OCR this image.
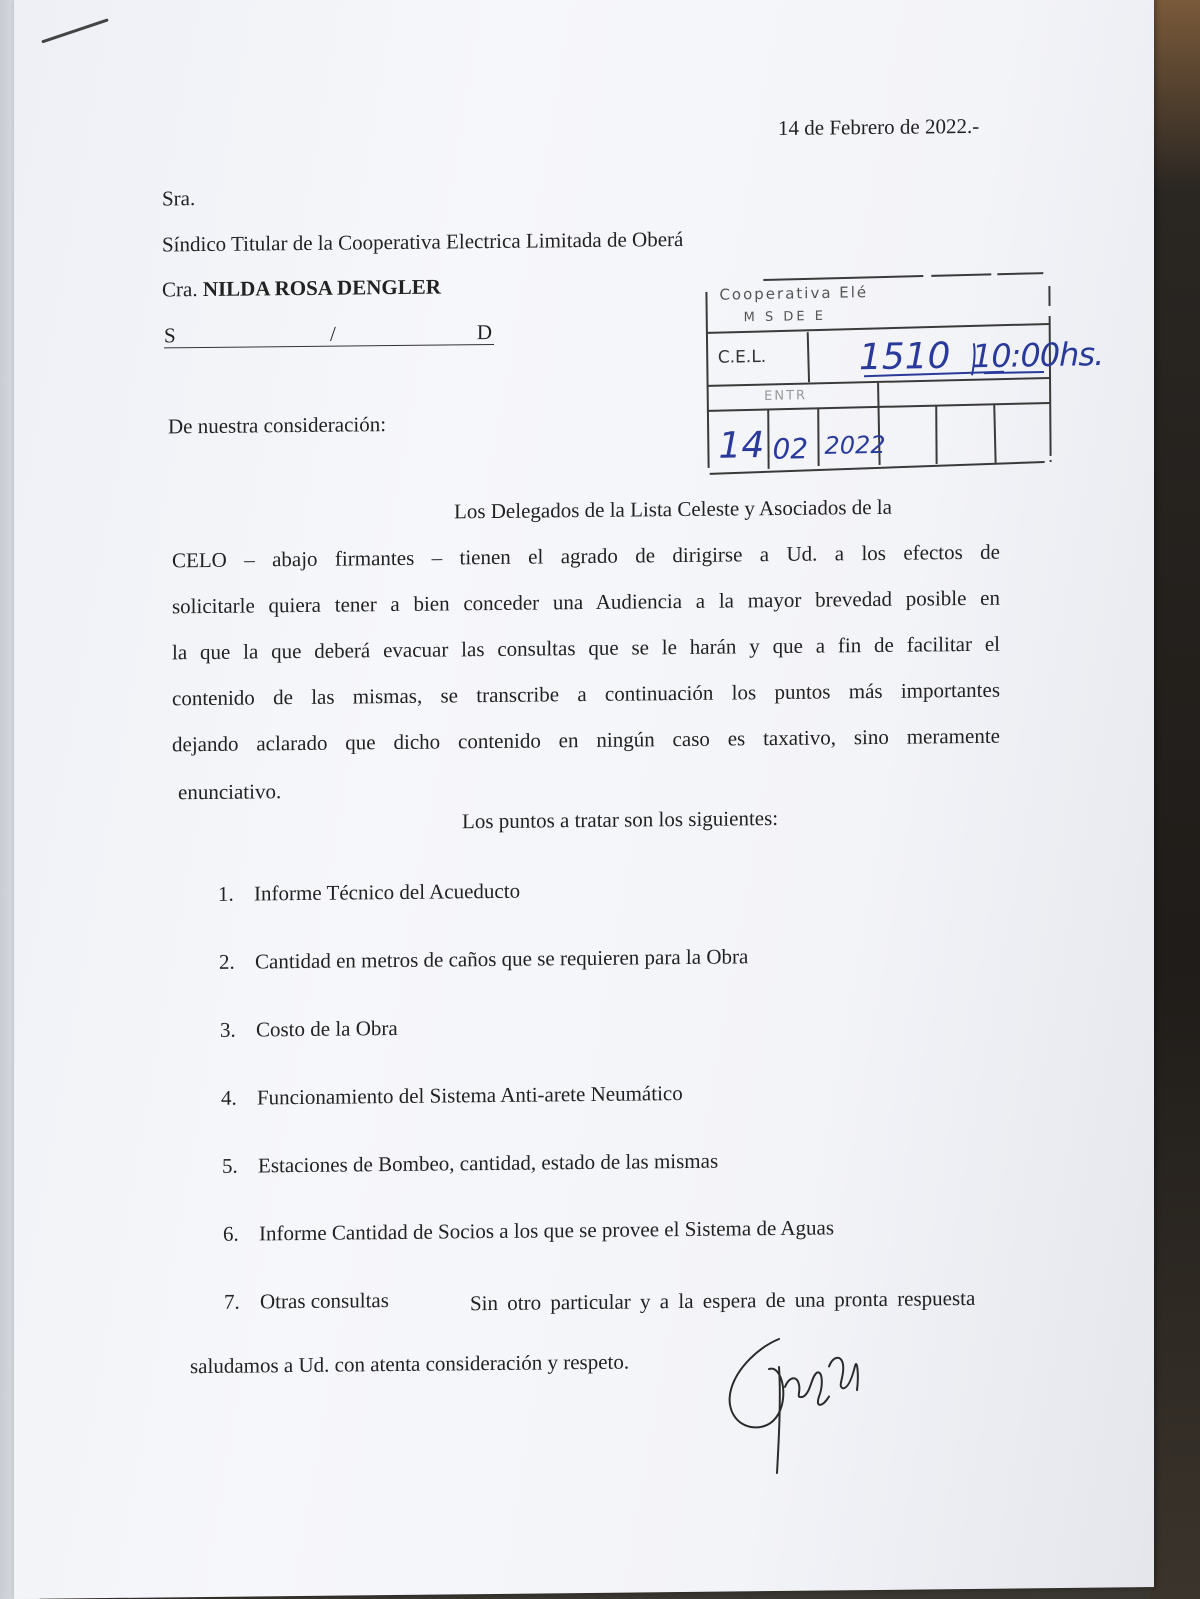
14 de Febrero de 2022.-
Sra.
Síndico Titular de la Cooperativa Electrica Limitada de Oberá
Cra. NILDA ROSA DENGLER
S	/	D
De nuestra consideración:
Cooperativa Elé
M S DE E
C.E.L.
ENTR
1510 10:00hs.
14 02 2022
Los Delegados de la Lista Celeste y Asociados de la
CELO – abajo firmantes – tienen el agrado de dirigirse a Ud. a los efectos de
solicitarle quiera tener a bien conceder una Audiencia a la mayor brevedad posible en
la que la que deberá evacuar las consultas que se le harán y que a fin de facilitar el
contenido de las mismas, se transcribe a continuación los puntos más importantes
dejando aclarado que dicho contenido en ningún caso es taxativo, sino meramente
enunciativo.
Los puntos a tratar son los siguientes:
1. Informe Técnico del Acueducto
2. Cantidad en metros de caños que se requieren para la Obra
3. Costo de la Obra
4. Funcionamiento del Sistema Anti-arete Neumático
5. Estaciones de Bombeo, cantidad, estado de las mismas
6. Informe Cantidad de Socios a los que se provee el Sistema de Aguas
7. Otras consultas	Sin otro particular y a la espera de una pronta respuesta
saludamos a Ud. con atenta consideración y respeto.
